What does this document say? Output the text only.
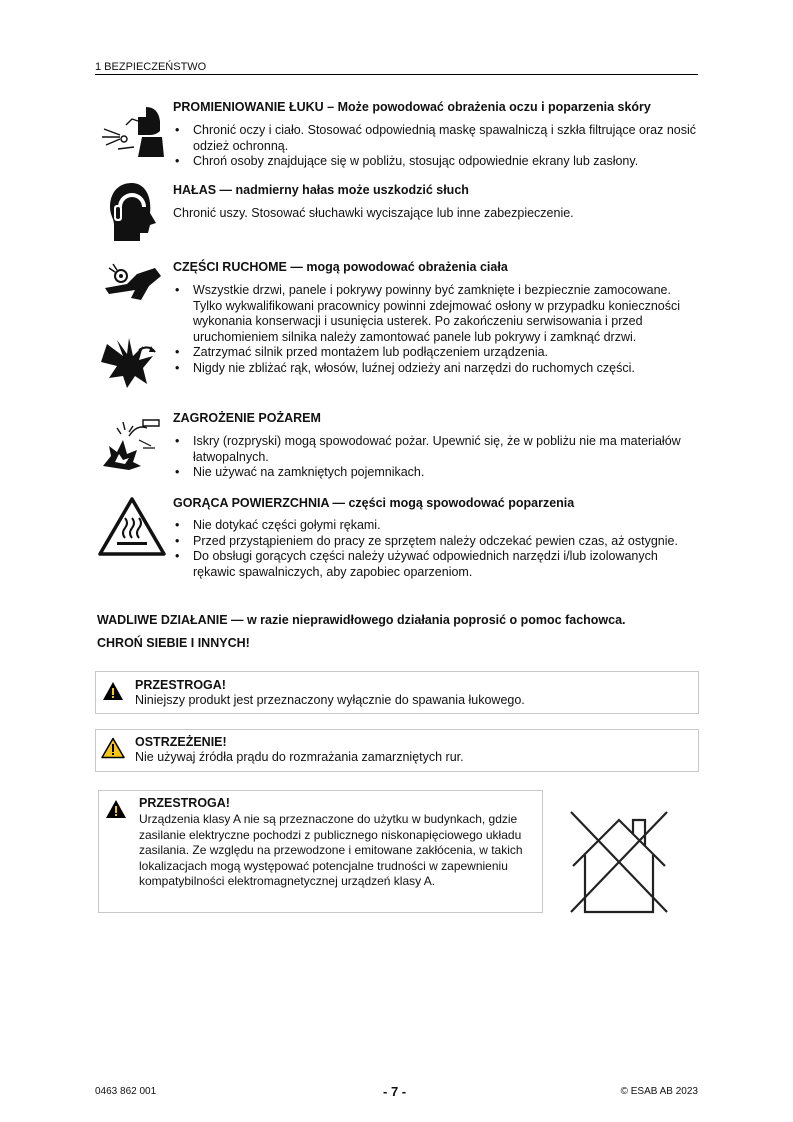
1 BEZPIECZEŃSTWO
PROMIENIOWANIE ŁUKU – Może powodować obrażenia oczu i poparzenia skóry
• Chronić oczy i ciało. Stosować odpowiednią maskę spawalniczą i szkła filtrujące oraz nosić odzież ochronną.
• Chroń osoby znajdujące się w pobliżu, stosując odpowiednie ekrany lub zasłony.
HAŁAS — nadmierny hałas może uszkodzić słuch
Chronić uszy. Stosować słuchawki wyciszające lub inne zabezpieczenie.
CZĘŚCI RUCHOME — mogą powodować obrażenia ciała
• Wszystkie drzwi, panele i pokrywy powinny być zamknięte i bezpiecznie zamocowane. Tylko wykwalifikowani pracownicy powinni zdejmować osłony w przypadku konieczności wykonania konserwacji i usunięcia usterek. Po zakończeniu serwisowania i przed uruchomieniem silnika należy zamontować panele lub pokrywy i zamknąć drzwi.
• Zatrzymać silnik przed montażem lub podłączeniem urządzenia.
• Nigdy nie zbliżać rąk, włosów, luźnej odzieży ani narzędzi do ruchomych części.
ZAGROŻENIE POŻAREM
• Iskry (rozpryski) mogą spowodować pożar. Upewnić się, że w pobliżu nie ma materiałów łatwopalnych.
• Nie używać na zamkniętych pojemnikach.
GORĄCA POWIERZCHNIA — części mogą spowodować poparzenia
• Nie dotykać części gołymi rękami.
• Przed przystąpieniem do pracy ze sprzętem należy odczekać pewien czas, aż ostygnie.
• Do obsługi gorących części należy używać odpowiednich narzędzi i/lub izolowanych rękawic spawalniczych, aby zapobiec oparzeniom.
WADLIWE DZIAŁANIE — w razie nieprawidłowego działania poprosić o pomoc fachowca.
CHROŃ SIEBIE I INNYCH!
PRZESTROGA!
Niniejszy produkt jest przeznaczony wyłącznie do spawania łukowego.
OSTRZEŻENIE!
Nie używaj źródła prądu do rozmrażania zamarzniętych rur.
PRZESTROGA!
Urządzenia klasy A nie są przeznaczone do użytku w budynkach, gdzie zasilanie elektryczne pochodzi z publicznego niskonapięciowego układu zasilania. Ze względu na przewodzone i emitowane zakłócenia, w takich lokalizacjach mogą występować potencjalne trudności w zapewnieniu kompatybilności elektromagnetycznej urządzeń klasy A.
0463 862 001	- 7 -	© ESAB AB 2023
